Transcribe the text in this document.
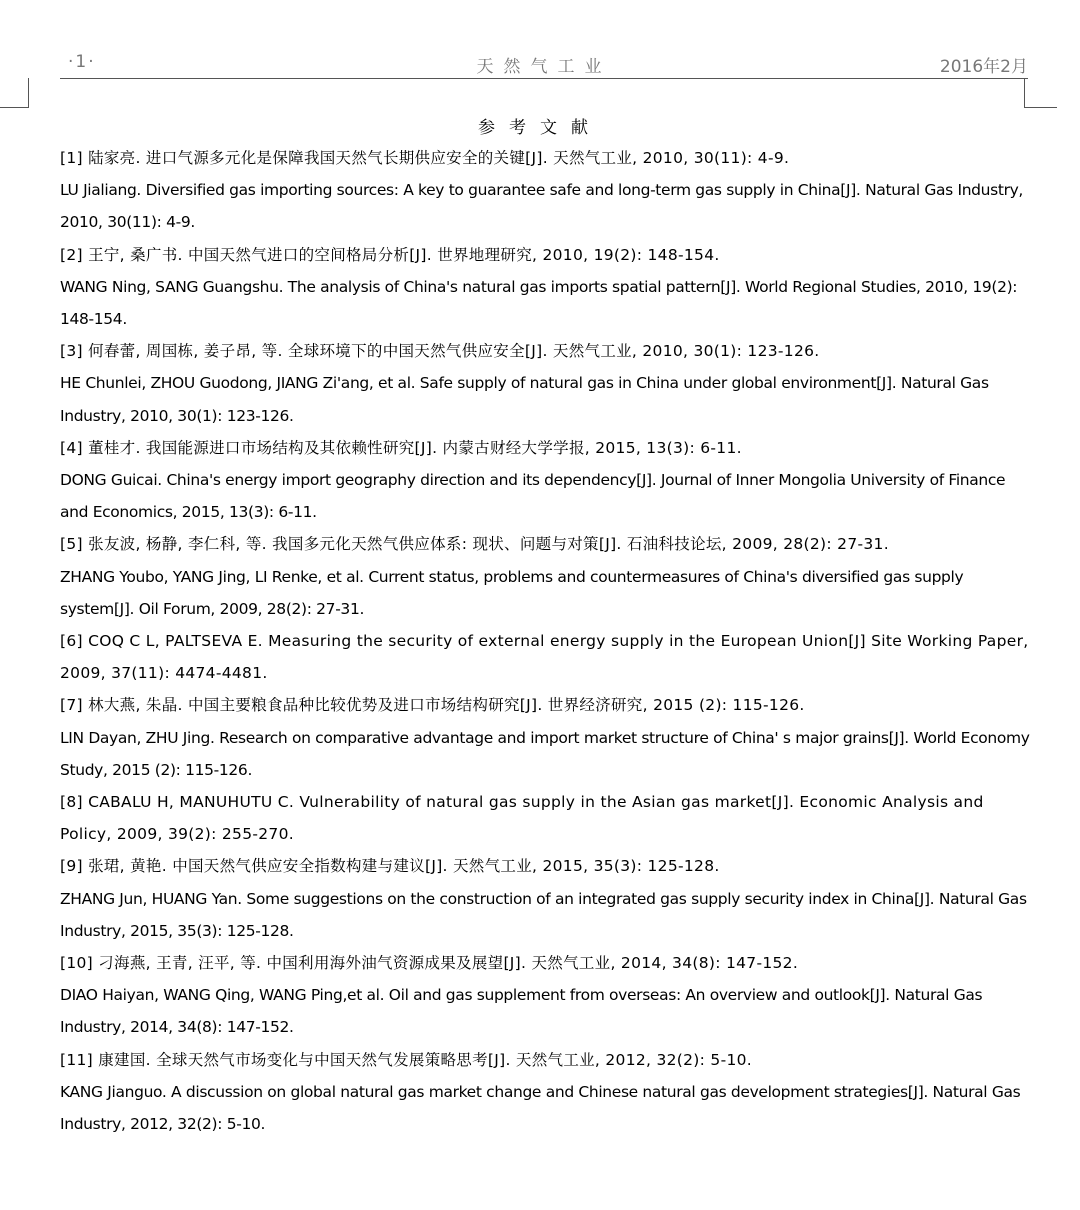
·1·	天然气工业	2016年2月
参考文献
[1] 陆家亮. 进口气源多元化是保障我国天然气长期供应安全的关键[J]. 天然气工业, 2010, 30(11): 4-9.
LU Jialiang. Diversified gas importing sources: A key to guarantee safe and long-term gas supply in China[J]. Natural Gas Industry, 2010, 30(11): 4-9.
[2] 王宁, 桑广书. 中国天然气进口的空间格局分析[J]. 世界地理研究, 2010, 19(2): 148-154.
WANG Ning, SANG Guangshu. The analysis of China's natural gas imports spatial pattern[J]. World Regional Studies, 2010, 19(2): 148-154.
[3] 何春蕾, 周国栋, 姜子昂, 等. 全球环境下的中国天然气供应安全[J]. 天然气工业, 2010, 30(1): 123-126.
HE Chunlei, ZHOU Guodong, JIANG Zi'ang, et al. Safe supply of natural gas in China under global environment[J]. Natural Gas Industry, 2010, 30(1): 123-126.
[4] 董桂才. 我国能源进口市场结构及其依赖性研究[J]. 内蒙古财经大学学报, 2015, 13(3): 6-11.
DONG Guicai. China's energy import geography direction and its dependency[J]. Journal of Inner Mongolia University of Finance and Economics, 2015, 13(3): 6-11.
[5] 张友波, 杨静, 李仁科, 等. 我国多元化天然气供应体系: 现状、问题与对策[J]. 石油科技论坛, 2009, 28(2): 27-31.
ZHANG Youbo, YANG Jing, LI Renke, et al. Current status, problems and countermeasures of China's diversified gas supply system[J]. Oil Forum, 2009, 28(2): 27-31.
[6] COQ C L, PALTSEVA E. Measuring the security of external energy supply in the European Union[J] Site Working Paper, 2009, 37(11): 4474-4481.
[7] 林大燕, 朱晶. 中国主要粮食品种比较优势及进口市场结构研究[J]. 世界经济研究, 2015 (2): 115-126.
LIN Dayan, ZHU Jing. Research on comparative advantage and import market structure of China' s major grains[J]. World Economy Study, 2015 (2): 115-126.
[8] CABALU H, MANUHUTU C. Vulnerability of natural gas supply in the Asian gas market[J]. Economic Analysis and Policy, 2009, 39(2): 255-270.
[9] 张珺, 黄艳. 中国天然气供应安全指数构建与建议[J]. 天然气工业, 2015, 35(3): 125-128.
ZHANG Jun, HUANG Yan. Some suggestions on the construction of an integrated gas supply security index in China[J]. Natural Gas Industry, 2015, 35(3): 125-128.
[10] 刁海燕, 王青, 汪平, 等. 中国利用海外油气资源成果及展望[J]. 天然气工业, 2014, 34(8): 147-152.
DIAO Haiyan, WANG Qing, WANG Ping,et al. Oil and gas supplement from overseas: An overview and outlook[J]. Natural Gas Industry, 2014, 34(8): 147-152.
[11] 康建国. 全球天然气市场变化与中国天然气发展策略思考[J]. 天然气工业, 2012, 32(2): 5-10.
KANG Jianguo. A discussion on global natural gas market change and Chinese natural gas development strategies[J]. Natural Gas Industry, 2012, 32(2): 5-10.
